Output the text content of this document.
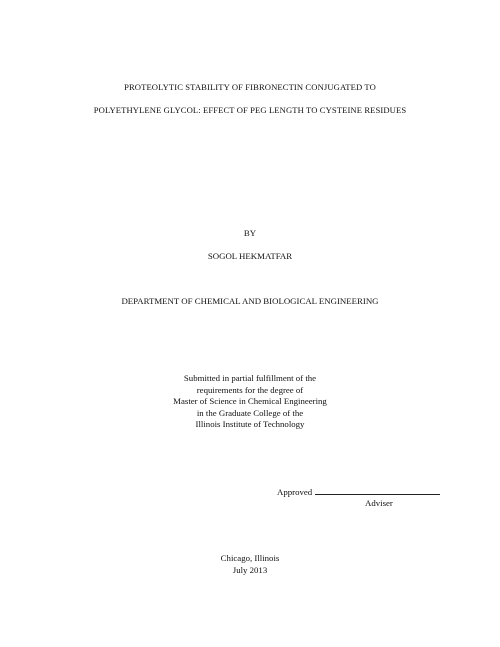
PROTEOLYTIC STABILITY OF FIBRONECTIN CONJUGATED TO
POLYETHYLENE GLYCOL: EFFECT OF PEG LENGTH TO CYSTEINE RESIDUES
BY
SOGOL HEKMATFAR
DEPARTMENT OF CHEMICAL AND BIOLOGICAL ENGINEERING
Submitted in partial fulfillment of the
requirements for the degree of
Master of Science in Chemical Engineering
in the Graduate College of the
Illinois Institute of Technology
Approved
Adviser
Chicago, Illinois
July 2013
